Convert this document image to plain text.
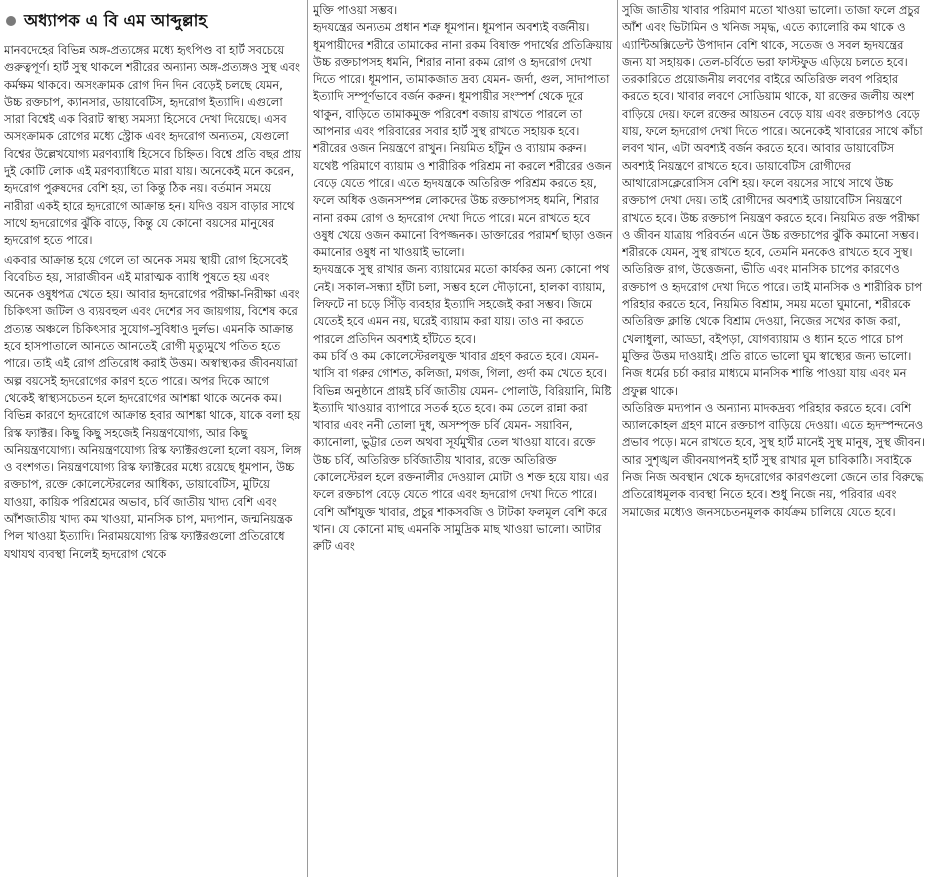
অধ্যাপক এ বি এম আব্দুল্লাহ

মানবদেহের বিভিন্ন অঙ্গ-প্রত্যঙ্গের মধ্যে হৃৎপিণ্ড বা হার্ট সবচেয়ে গুরুত্বপূর্ণ। হার্ট সুস্থ থাকলে শরীরের অন্যান্য অঙ্গ-প্রত্যঙ্গও সুস্থ এবং কর্মক্ষম থাকবে। অসংক্রামক রোগ দিন দিন বেড়েই চলছে যেমন, উচ্চ রক্তচাপ, ক্যানসার, ডায়াবেটিস, হৃদরোগ ইত্যাদি। এগুলো সারা বিশ্বেই এক বিরাট স্বাস্থ্য সমস্যা হিসেবে দেখা দিয়েছে। এসব অসংক্রামক রোগের মধ্যে স্ট্রোক এবং হৃদরোগ অন্যতম, যেগুলো বিশ্বের উল্লেখযোগ্য মরণব্যাধি হিসেবে চিহ্নিত। বিশ্বে প্রতি বছর প্রায় দুই কোটি লোক এই মরণব্যাধিতে মারা যায়। অনেকেই মনে করেন, হৃদরোগ পুরুষদের বেশি হয়, তা কিন্তু ঠিক নয়। বর্তমান সময়ে নারীরা একই হারে হৃদরোগে আক্রান্ত হন। যদিও বয়স বাড়ার সাথে সাথে হৃদরোগের ঝুঁকি বাড়ে, কিন্তু যে কোনো বয়সের মানুষের হৃদরোগ হতে পারে।

একবার আক্রান্ত হয়ে গেলে তা অনেক সময় স্থায়ী রোগ হিসেবেই বিবেচিত হয়, সারাজীবন এই মারাত্মক ব্যাধি পুষতে হয় এবং অনেক ওষুধপত্র খেতে হয়। আবার হৃদরোগের পরীক্ষা-নিরীক্ষা এবং চিকিৎসা জটিল ও ব্যয়বহুল এবং দেশের সব জায়গায়, বিশেষ করে প্রত্যন্ত অঞ্চলে চিকিৎসার সুযোগ-সুবিধাও দুর্লভ। এমনকি আক্রান্ত হবে হাসপাতালে আনতে আনতেই রোগী মৃত্যুমুখে পতিত হতে পারে। তাই এই রোগ প্রতিরোধ করাই উত্তম। অস্বাস্থ্যকর জীবনযাত্রা অল্প বয়সেই হৃদরোগের কারণ হতে পারে। অপর দিকে আগে থেকেই স্বাস্থ্যসচেতন হলে হৃদরোগের আশঙ্কা থাকে অনেক কম। বিভিন্ন কারণে হৃদরোগে আক্রান্ত হবার আশঙ্কা থাকে, যাকে বলা হয় রিস্ক ফ্যাক্টর। কিছু কিছু সহজেই নিয়ন্ত্রণযোগ্য, আর কিছু অনিয়ন্ত্রণযোগ্য। অনিয়ন্ত্রণযোগ্য রিস্ক ফ্যাক্টরগুলো হলো বয়স, লিঙ্গ ও বংশগত। নিয়ন্ত্রণযোগ্য রিস্ক ফ্যাক্টরের মধ্যে রয়েছে ধূমপান, উচ্চ রক্তচাপ, রক্তে কোলেস্টেরলের আধিক্য, ডায়াবেটিস, মুটিয়ে যাওয়া, কায়িক পরিশ্রমের অভাব, চর্বি জাতীয় খাদ্য বেশি এবং আঁশজাতীয় খাদ্য কম খাওয়া, মানসিক চাপ, মদ্যপান, জন্মনিয়ন্ত্রক পিল খাওয়া ইত্যাদি। নিরাময়যোগ্য রিস্ক ফ্যাক্টরগুলো প্রতিরোধে যথাযথ ব্যবস্থা নিলেই হৃদরোগ থেকে

মুক্তি পাওয়া সম্ভব।

হৃদযন্ত্রের অন্যতম প্রধান শত্রু ধূমপান। ধূমপান অবশ্যই বর্জনীয়। ধূমপায়ীদের শরীরে তামাকের নানা রকম বিষাক্ত পদার্থের প্রতিক্রিয়ায় উচ্চ রক্তচাপসহ ধমনি, শিরার নানা রকম রোগ ও হৃদরোগ দেখা দিতে পারে। ধূমপান, তামাকজাত দ্রব্য যেমন- জর্দা, গুল, সাদাপাতা ইত্যাদি সম্পূর্ণভাবে বর্জন করুন। ধূমপায়ীর সংস্পর্শ থেকে দূরে থাকুন, বাড়িতে তামাকমুক্ত পরিবেশ বজায় রাখতে পারলে তা আপনার এবং পরিবারের সবার হার্ট সুস্থ রাখতে সহায়ক হবে। শরীরের ওজন নিয়ন্ত্রণে রাখুন। নিয়মিত হাঁটুন ও ব্যায়াম করুন। যথেষ্ট পরিমাণে ব্যায়াম ও শারীরিক পরিশ্রম না করলে শরীরের ওজন বেড়ে যেতে পারে। এতে হৃদযন্ত্রকে অতিরিক্ত পরিশ্রম করতে হয়, ফলে অধিক ওজনসম্পন্ন লোকদের উচ্চ রক্তচাপসহ ধমনি, শিরার নানা রকম রোগ ও হৃদরোগ দেখা দিতে পারে। মনে রাখতে হবে ওষুধ খেয়ে ওজন কমানো বিপজ্জনক। ডাক্তারের পরামর্শ ছাড়া ওজন কমানোর ওষুধ না খাওয়াই ভালো।

হৃদযন্ত্রকে সুস্থ রাখার জন্য ব্যায়ামের মতো কার্যকর অন্য কোনো পথ নেই। সকাল-সন্ধ্যা হাঁটা চলা, সম্ভব হলে দৌড়ানো, হালকা ব্যায়াম, লিফটে না চড়ে সিঁড়ি ব্যবহার ইত্যাদি সহজেই করা সম্ভব। জিমে যেতেই হবে এমন নয়, ঘরেই ব্যায়াম করা যায়। তাও না করতে পারলে প্রতিদিন অবশ্যই হাঁটতে হবে।

কম চর্বি ও কম কোলেস্টেরলযুক্ত খাবার গ্রহণ করতে হবে। যেমন- খাসি বা গরুর গোশত, কলিজা, মগজ, গিলা, গুর্দা কম খেতে হবে। বিভিন্ন অনুষ্ঠানে প্রায়ই চর্বি জাতীয় যেমন- পোলাউ, বিরিয়ানি, মিষ্টি ইত্যাদি খাওয়ার ব্যাপারে সতর্ক হতে হবে। কম তেলে রান্না করা খাবার এবং ননী তোলা দুধ, অসম্পৃক্ত চর্বি যেমন- সয়াবিন, ক্যানোলা, ভুট্টার তেল অথবা সূর্যমুখীর তেল খাওয়া যাবে। রক্তে উচ্চ চর্বি, অতিরিক্ত চর্বিজাতীয় খাবার, রক্তে অতিরিক্ত কোলেস্টেরল হলে রক্তনালীর দেওয়াল মোটা ও শক্ত হয়ে যায়। এর ফলে রক্তচাপ বেড়ে যেতে পারে এবং হৃদরোগ দেখা দিতে পারে।

বেশি আঁশযুক্ত খাবার, প্রচুর শাকসবজি ও টাটকা ফলমূল বেশি করে খান। যে কোনো মাছ এমনকি সামুদ্রিক মাছ খাওয়া ভালো। আটার রুটি এবং

সুজি জাতীয় খাবার পরিমাণ মতো খাওয়া ভালো। তাজা ফলে প্রচুর আঁশ এবং ভিটামিন ও খনিজ সমৃদ্ধ, এতে ক্যালোরি কম থাকে ও এ্যান্টিঅক্সিডেন্ট উপাদান বেশি থাকে, সতেজ ও সবল হৃদযন্ত্রের জন্য যা সহায়ক। তেল-চর্বিতে ভরা ফাস্টফুড এড়িয়ে চলতে হবে।

তরকারিতে প্রয়োজনীয় লবণের বাইরে অতিরিক্ত লবণ পরিহার করতে হবে। খাবার লবণে সোডিয়াম থাকে, যা রক্তের জলীয় অংশ বাড়িয়ে দেয়। ফলে রক্তের আয়তন বেড়ে যায় এবং রক্তচাপও বেড়ে যায়, ফলে হৃদরোগ দেখা দিতে পারে। অনেকেই খাবারের সাথে কাঁচা লবণ খান, এটা অবশ্যই বর্জন করতে হবে। আবার ডায়াবেটিস অবশ্যই নিয়ন্ত্রণে রাখতে হবে। ডায়াবেটিস রোগীদের আথারোসক্লেরোসিস বেশি হয়। ফলে বয়সের সাথে সাথে উচ্চ রক্তচাপ দেখা দেয়। তাই রোগীদের অবশ্যই ডায়াবেটিস নিয়ন্ত্রণে রাখতে হবে। উচ্চ রক্তচাপ নিয়ন্ত্রণ করতে হবে। নিয়মিত রক্ত পরীক্ষা ও জীবন যাত্রায় পরিবর্তন এনে উচ্চ রক্তচাপের ঝুঁকি কমানো সম্ভব।

শরীরকে যেমন, সুস্থ রাখতে হবে, তেমনি মনকেও রাখতে হবে সুস্থ। অতিরিক্ত রাগ, উত্তেজনা, ভীতি এবং মানসিক চাপের কারণেও রক্তচাপ ও হৃদরোগ দেখা দিতে পারে। তাই মানসিক ও শারীরিক চাপ পরিহার করতে হবে, নিয়মিত বিশ্রাম, সময় মতো ঘুমানো, শরীরকে অতিরিক্ত ক্লান্তি থেকে বিশ্রাম দেওয়া, নিজের সখের কাজ করা, খেলাধুলা, আড্ডা, বইপড়া, যোগব্যায়াম ও ধ্যান হতে পারে চাপ মুক্তির উত্তম দাওয়াই। প্রতি রাতে ভালো ঘুম স্বাস্থ্যের জন্য ভালো। নিজ ধর্মের চর্চা করার মাধ্যমে মানসিক শান্তি পাওয়া যায় এবং মন প্রফুল্ল থাকে।

অতিরিক্ত মদ্যপান ও অন্যান্য মাদকদ্রব্য পরিহার করতে হবে। বেশি অ্যালকোহল গ্রহণ মানে রক্তচাপ বাড়িয়ে দেওয়া। এতে হৃদস্পন্দনেও প্রভাব পড়ে। মনে রাখতে হবে, সুস্থ হার্ট মানেই সুস্থ মানুষ, সুস্থ জীবন। আর সুশৃঙ্খল জীবনযাপনই হার্ট সুস্থ রাখার মূল চাবিকাঠি। সবাইকে নিজ নিজ অবস্থান থেকে হৃদরোগের কারণগুলো জেনে তার বিরুদ্ধে প্রতিরোধমূলক ব্যবস্থা নিতে হবে। শুধু নিজে নয়, পরিবার এবং সমাজের মধ্যেও জনসচেতনমূলক কার্যক্রম চালিয়ে যেতে হবে।
